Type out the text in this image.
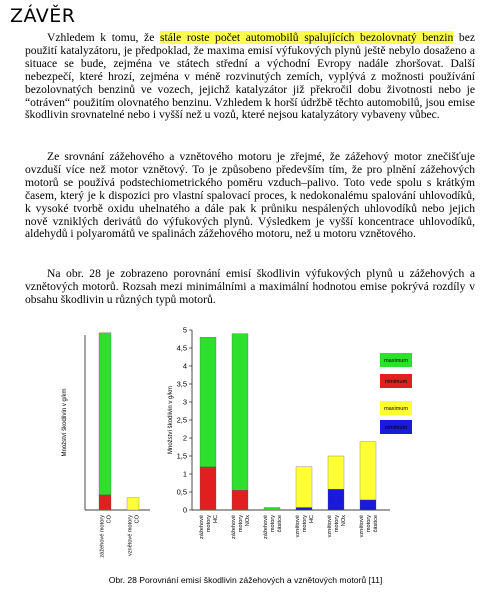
ZÁVĚR

Vzhledem k tomu, že stále roste počet automobilů spalujících bezolovnatý benzin bez použití katalyzátoru, je předpoklad, že maxima emisí výfukových plynů ještě nebylo dosaženo a situace se bude, zejména ve státech střední a východní Evropy nadále zhoršovat. Další nebezpečí, které hrozí, zejména v méně rozvinutých zemích, vyplývá z možnosti používání bezolovnatých benzinů ve vozech, jejichž katalyzátor již překročil dobu životnosti nebo je “otráven“ použitím olovnatého benzinu. Vzhledem k horší údržbě těchto automobilů, jsou emise škodlivin srovnatelné nebo i vyšší než u vozů, které nejsou katalyzátory vybaveny vůbec.

Ze srovnání zážehového a vznětového motoru je zřejmé, že zážehový motor znečišťuje ovzduší více než motor vznětový. To je způsobeno především tím, že pro plnění zážehových motorů se používá podstechiometrického poměru vzduch–palivo. Toto vede spolu s krátkým časem, který je k dispozici pro vlastní spalovací proces, k nedokonalému spalování uhlovodíků, k vysoké tvorbě oxidu uhelnatého a dále pak k průniku nespálených uhlovodíků nebo jejich nově vzniklých derivátů do výfukových plynů. Výsledkem je vyšší koncentrace uhlovodíků, aldehydů i polyaromátů ve spalinách zážehového motoru, než u motoru vznětového.

Na obr. 28 je zobrazeno porovnání emisí škodlivin výfukových plynů u zážehových a vznětových motorů. Rozsah mezi minimálními a maximální hodnotou emise pokrývá rozdíly v obsahu škodlivin u různých typů motorů.

Množství škodlivin v g/km
zážehové motory CO	vznětové motory CO
0
0,5
1
1,5
2
2,5
3
3,5
4
4,5
5
Množství škodlivin v g/km
zážehové motory HC zážehové motory NOx zážehové motory částice vznětové motory HC vznětové motory NOx vznětové motory částice
maximum
minimum
maximum
minimum
Obr. 28 Porovnání emisí škodlivin zážehových a vznětových motorů [11]
